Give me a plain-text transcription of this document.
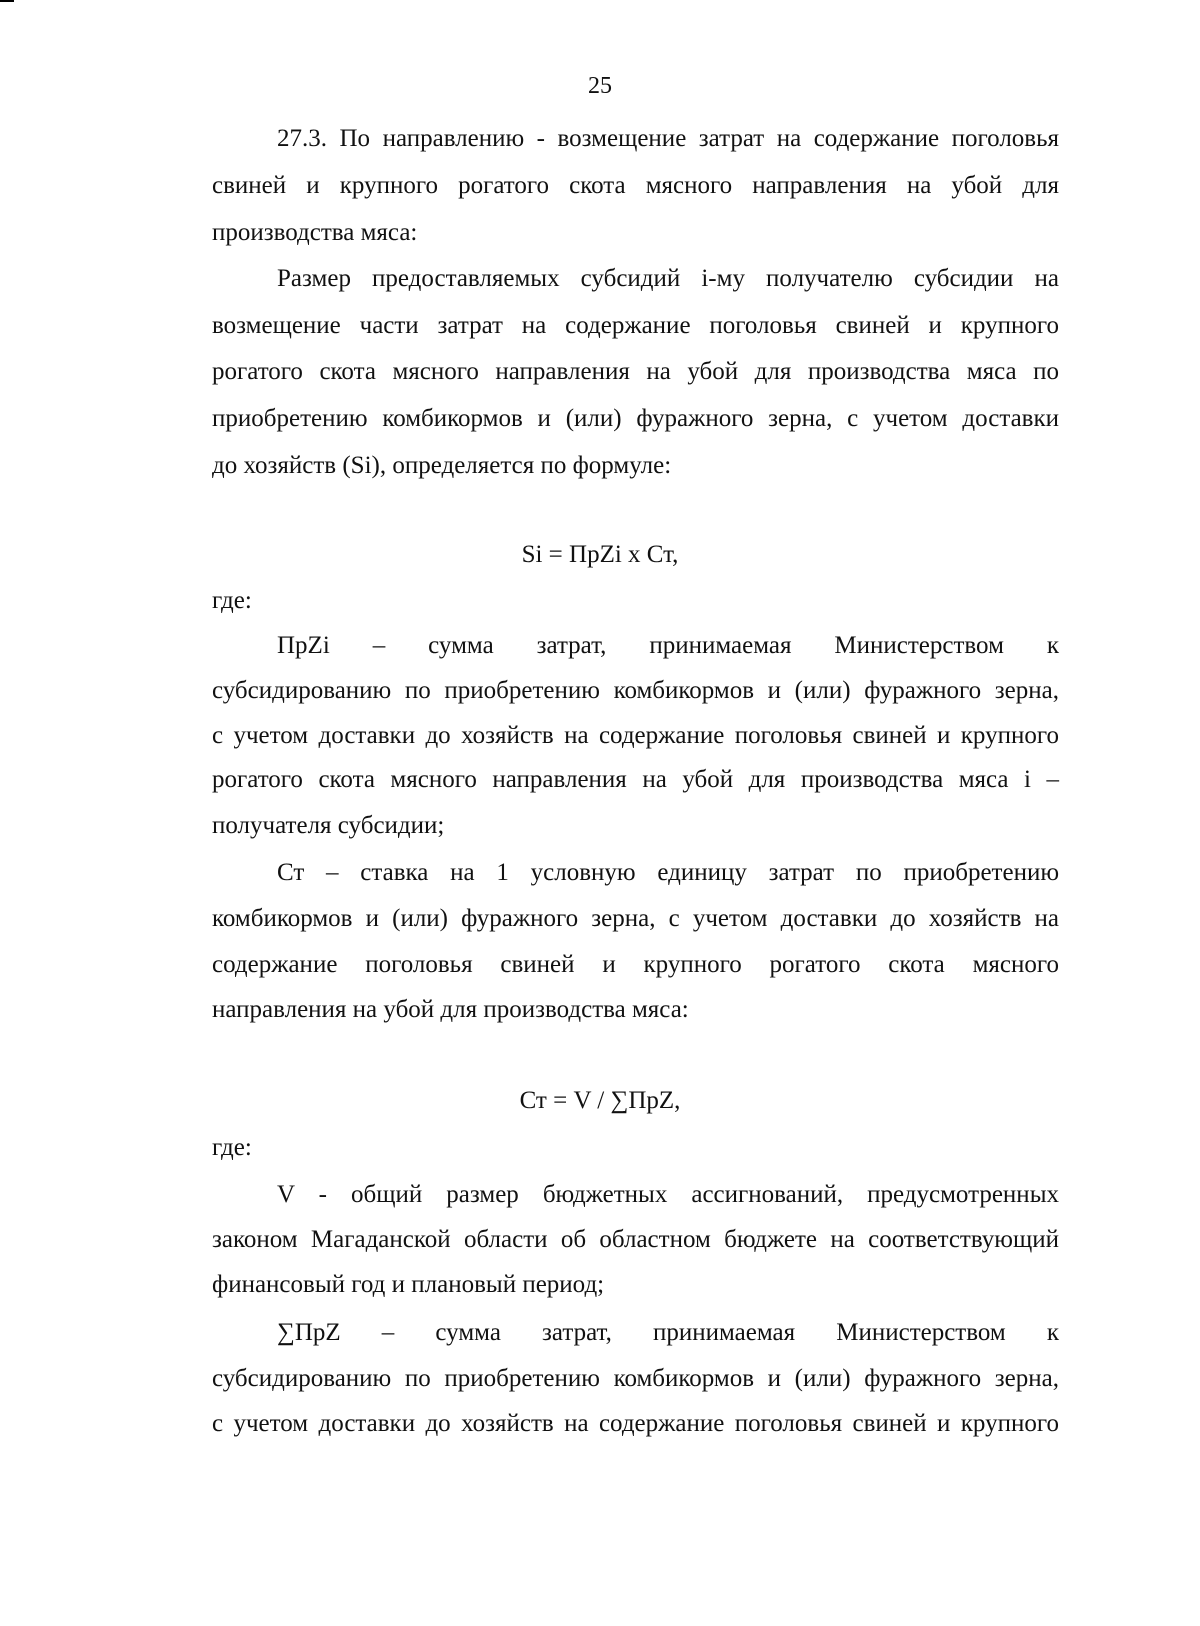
25
27.3. По направлению - возмещение затрат на содержание поголовья
свиней и крупного рогатого скота мясного направления на убой для
производства мяса:
Размер предоставляемых субсидий i-му получателю субсидии на
возмещение части затрат на содержание поголовья свиней и крупного
рогатого скота мясного направления на убой для производства мяса по
приобретению комбикормов и (или) фуражного зерна, с учетом доставки
до хозяйств (Si), определяется по формуле:
Si = ПрZi х Ст,
где:
ПрZi – сумма затрат, принимаемая Министерством к
субсидированию по приобретению комбикормов и (или) фуражного зерна,
с учетом доставки до хозяйств на содержание поголовья свиней и крупного
рогатого скота мясного направления на убой для производства мяса i –
получателя субсидии;
Ст – ставка на 1 условную единицу затрат по приобретению
комбикормов и (или) фуражного зерна, с учетом доставки до хозяйств на
содержание поголовья свиней и крупного рогатого скота мясного
направления на убой для производства мяса:
Ст = V / ∑ПрZ,
где:
V - общий размер бюджетных ассигнований, предусмотренных
законом Магаданской области об областном бюджете на соответствующий
финансовый год и плановый период;
∑ПрZ – сумма затрат, принимаемая Министерством к
субсидированию по приобретению комбикормов и (или) фуражного зерна,
с учетом доставки до хозяйств на содержание поголовья свиней и крупного
